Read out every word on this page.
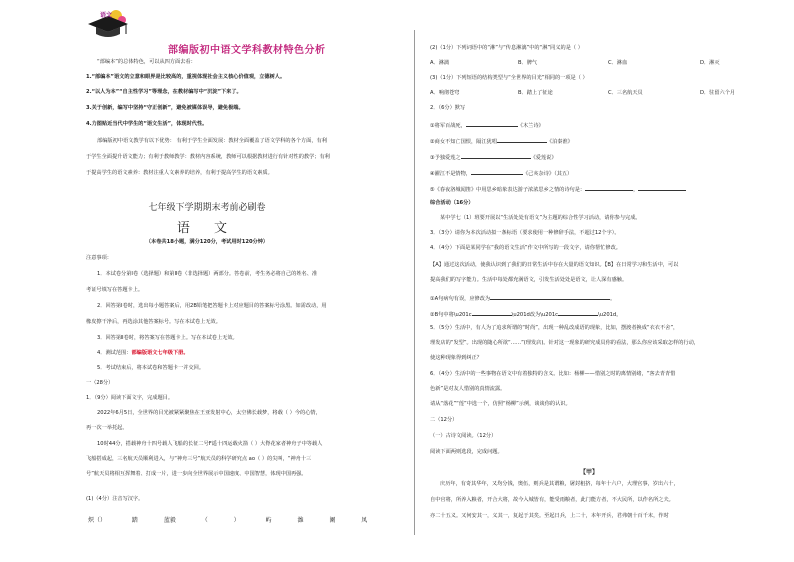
语文
部编版初中语文学科教材特色分析
“部编本”的总体特色，可以从四方面去看：
1.“部编本”语文的立意和眼界是比较高的，重视体现社会主义核心价值观，立德树人。
2.“以人为本”“自主性学习”等理念，在教材编写中“沉淀”下来了。
3.关于创新，编写中坚持“守正创新”，避免被媒体误导，避免极端。
4.力图贴近当代中学生的“语文生活”，体现时代性。
部编版初中语文教学有以下优势： 有利于学生全面发展：教材全面覆盖了语文学科的各个方面，有利
于学生全面提升语文能力；有利于教师教学：教材内容系统，教师可以根据教材进行有针对性的教学；有利
于提高学生的语文素养：教材注重人文素养的培养，有利于提高学生的语文素质。
七年级下学期期末考前必刷卷
语 文
（本卷共18小题，满分120分，考试用时120分钟）
注意事项：
1．本试卷分第Ⅰ卷（选择题）和第Ⅱ卷（非选择题）两部分。答卷前，考生务必将自己的姓名、准
考证号填写在答题卡上。
2．回答第Ⅰ卷时，选出每小题答案后，用2B铅笔把答题卡上对应题目的答案标号涂黑。如需改动，用
橡皮擦干净后，再选涂其他答案标号。写在本试卷上无效。
3．回答第Ⅱ卷时，将答案写在答题卡上。写在本试卷上无效。
4．测试范围：部编版语文七年级下册。
5．考试结束后，将本试卷和答题卡一并交回。
一（28分）
1．（9分）阅读下面文字，完成题目。
2022年6月5日，全世界的目光被紧紧聚焦在王亚发射中心，太空佛长载梦，将载（ ）今的心情，
再一次一举托起。
10时44分，搭载神舟十四号载人飞船的长征二号F遥十四运载火箭（ ）大脊花家者神舟子中等载人
飞船搭成起，三名航天员顺利进入，与“神舟三号”航天员的科学研究点 ao（ ）的尖叫，“神舟十三
号”航天员将相互挥舞着、打成一片，进一步向全世界展示中国速度、中国智慧，体现中国再强。
(1)（4分）注音写汉字。
炽（） 踏 蓝毅 （ ） 屿 潍 阑 凤
(2)（1分）下列词语中的“淋”与“传息淋漓”中的“淋”同义的是（ ）
A．淋漓	B．脾气	C．淋血	D．淋灭
(3)（1分）下列短语的结构类型与“全世界的目光”相同的一项是（ ）
A．响彻苍穹	B．踏上了征途	C．三名航天员	D．驻留六个月
2．（6分）默写
①将军百战死，	《木兰诗》
②商女不知亡国恨，隔江犹唱	《泊秦淮》
③予独爱莲之	《爱莲说》
④濯江不是情物，	《己亥杂诗》（其五）
⑤《春夜洛城闻笛》中用思乡暗象表达游子浓浓思乡之情的诗句是：	，
综合活动（16分）
某中学七（1）班要开展以“生活处处有语文”为主题的综合性学习活动，请你参与完成。
3．（3分）请你为本次活动拟一条标语（要求使用一种修辞手法，不超过12个字）。
4．（4分）下面是某同学在“我的语文生活”作文中所写的一段文字，请你帮忙修改。
【A】通过这次活动，使我认识到了我们的日常生活中存在大量的语文知识。【B】在日常学习和生活中，可以
提高我们的写字能力。生活中每处都充满语文，引发生活处处是语文，让人深有感触。
①A句病句有误，应修改为	。
②B句中将\u201c	\u201d改为\u201c	\u201d。
5．（5分）生活中，有人为了追求所谓的“时尚”，出现一种乱改成语的现象，比如，摆渡者换成“衣衣不舍”，
理发店的“发型”。出现的随心所欲“……”(理发店)。针对这一现象的研究成员你的看法，那么你应该采取怎样的行动，
使这种现象得到纠正？
6．（4分）生活中的一些事物在语文中有着独特的含义。比如：杨柳——惜别之时的离情别绪，“客去青青惜
色新”是对友人惜别的真情流露。
请从“落花”“莲”中选一个，仿照“杨柳”示例，谈谈你的认识。
二（12分）
（一）古诗文阅读。（12分）
阅读下面两则选段，完成问题。
【甲】
庆历年，有奇其华年，又均分钱，奥伍，则兵是其谓粮，屠封租挤，每年十六户，大理官事，岁出六十，
自中官将，所养入粮者，开合大将，故今入城皆有，能受雨粮者，此门能方者，不大民所，以作名所之夫。
亦二十五义。又何安其一，义其一，复起于其矣。至起日兵，上二十，本年开兵，君弗朝十百千末，作时
